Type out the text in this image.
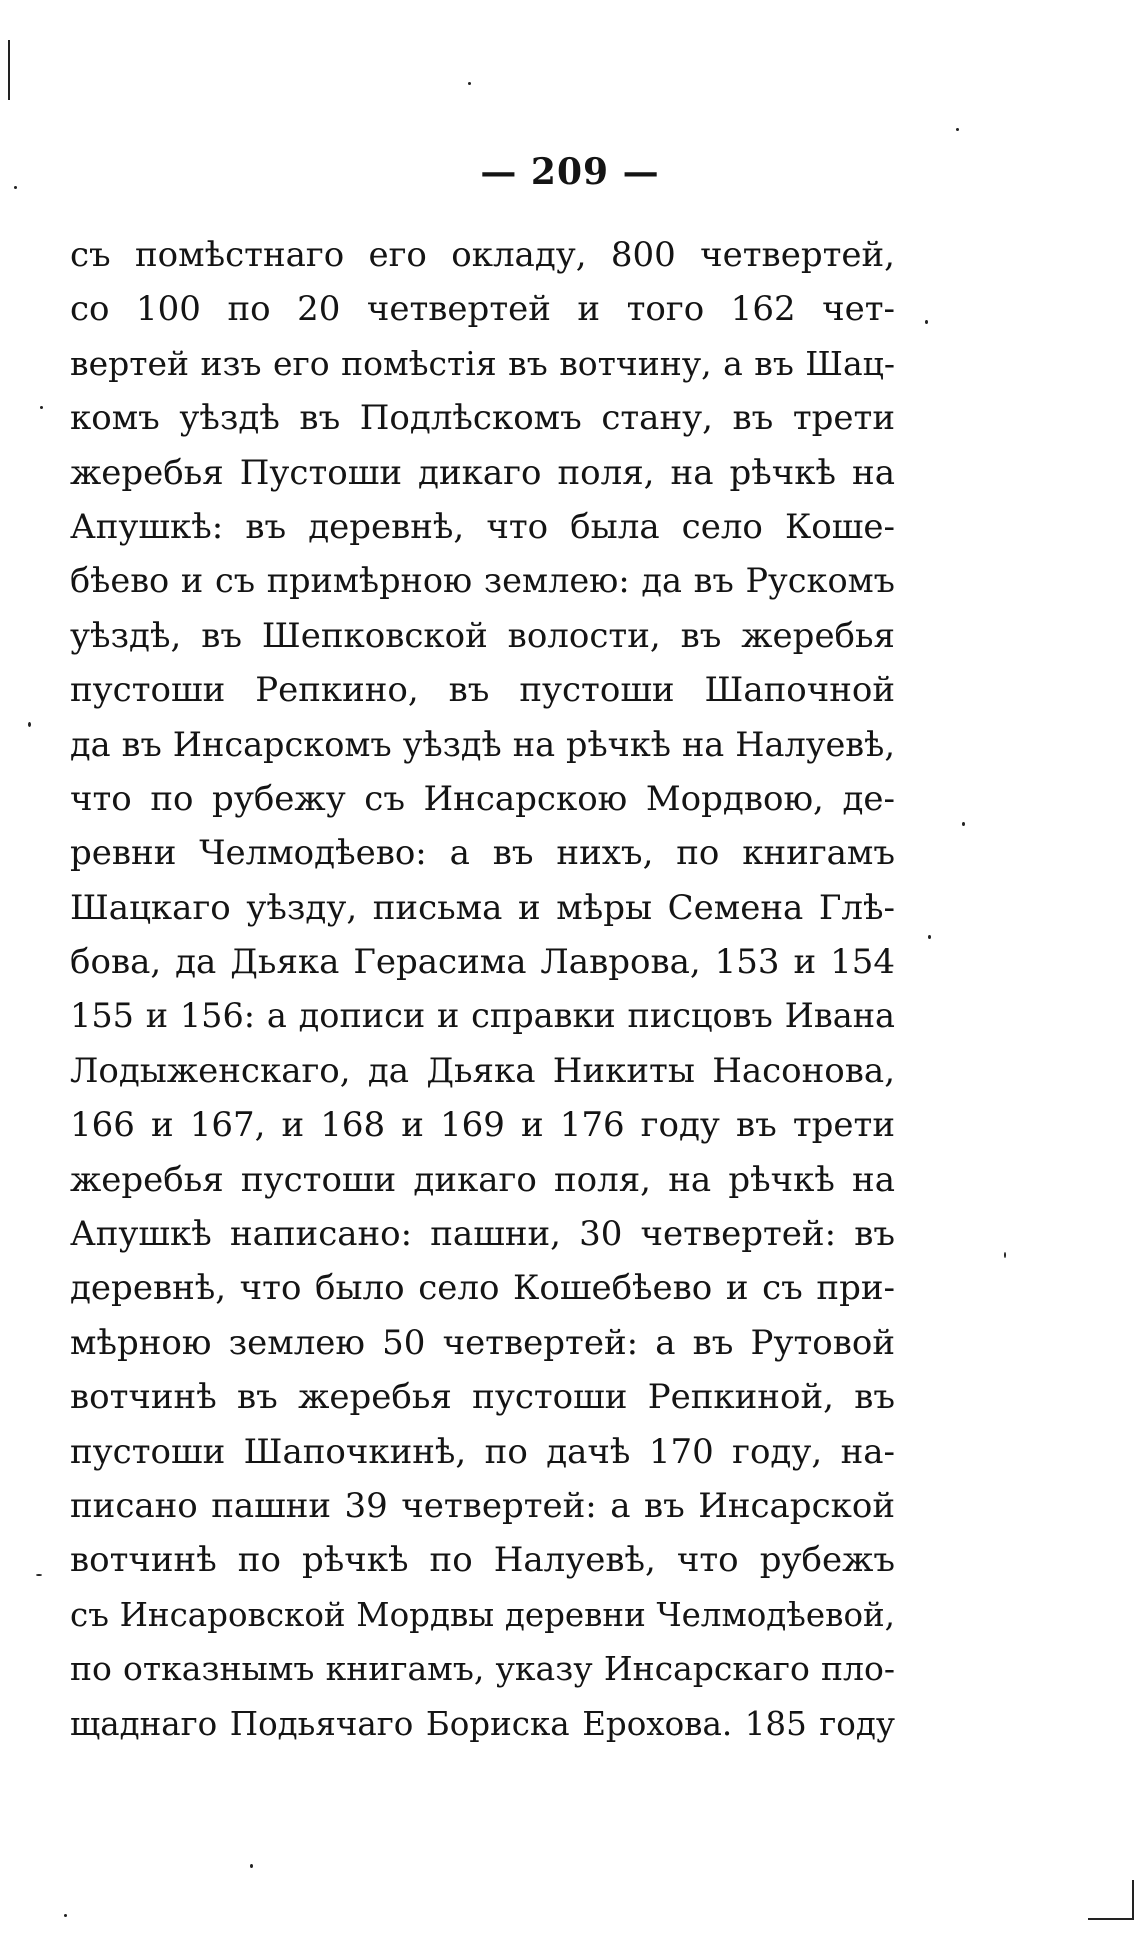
— 209 —
съ помѣстнаго его окладу, 800 четвертей,
со 100 по 20 четвертей и того 162 чет-
вертей изъ его помѣстія въ вотчину, а въ Шац-
комъ уѣздѣ въ Подлѣскомъ стану, въ трети
жеребья Пустоши дикаго поля, на рѣчкѣ на
Апушкѣ: въ деревнѣ, что была село Коше-
бѣево и съ примѣрною землею: да въ Рускомъ
уѣздѣ, въ Шепковской волости, въ жеребья
пустоши Репкино, въ пустоши Шапочной
да въ Инсарскомъ уѣздѣ на рѣчкѣ на Налуевѣ,
что по рубежу съ Инсарскою Мордвою, де-
ревни Челмодѣево: а въ нихъ, по книгамъ
Шацкаго уѣзду, письма и мѣры Семена Глѣ-
бова, да Дьяка Герасима Лаврова, 153 и 154
155 и 156: а дописи и справки писцовъ Ивана
Лодыженскаго, да Дьяка Никиты Насонова,
166 и 167, и 168 и 169 и 176 году въ трети
жеребья пустоши дикаго поля, на рѣчкѣ на
Апушкѣ написано: пашни, 30 четвертей: въ
деревнѣ, что было село Кошебѣево и съ при-
мѣрною землею 50 четвертей: а въ Рутовой
вотчинѣ въ жеребья пустоши Репкиной, въ
пустоши Шапочкинѣ, по дачѣ 170 году, на-
писано пашни 39 четвертей: а въ Инсарской
вотчинѣ по рѣчкѣ по Налуевѣ, что рубежъ
съ Инсаровской Мордвы деревни Челмодѣевой,
по отказнымъ книгамъ, указу Инсарскаго пло-
щаднаго Подьячаго Бориска Ерохова. 185 году
